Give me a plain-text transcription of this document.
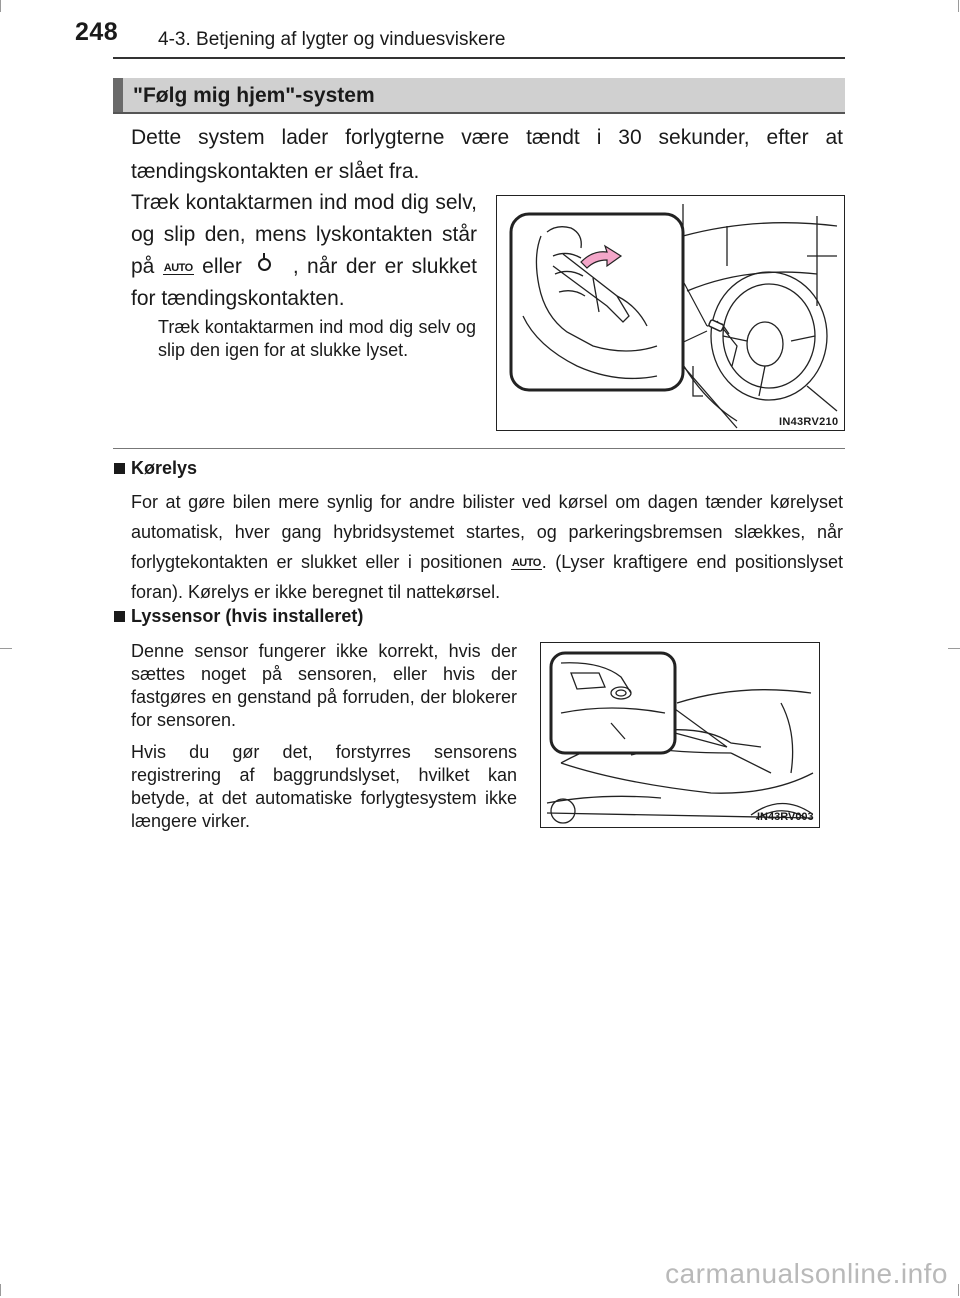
248 4-3. Betjening af lygter og vinduesviskere
"Følg mig hjem"-system
Dette system lader forlygterne være tændt i 30 sekunder, efter at tændingskontakten er slået fra.
Træk kontaktarmen ind mod dig selv, og slip den, mens lyskontakten står på AUTO eller , når der er slukket for tændingskontakten.
Træk kontaktarmen ind mod dig selv og slip den igen for at slukke lyset.
IN43RV210
Kørelys
For at gøre bilen mere synlig for andre bilister ved kørsel om dagen tænder kørelyset automatisk, hver gang hybridsystemet startes, og parkeringsbremsen slækkes, når forlygtekontakten er slukket eller i positionen AUTO. (Lyser kraftigere end positionslyset foran). Kørelys er ikke beregnet til nattekørsel.
Lyssensor (hvis installeret)
Denne sensor fungerer ikke korrekt, hvis der sættes noget på sensoren, eller hvis der fastgøres en genstand på forruden, der blokerer for sensoren.
Hvis du gør det, forstyrres sensorens registrering af baggrundslyset, hvilket kan betyde, at det automatiske forlygtesystem ikke længere virker.	IN43RV003
carmanualsonline.info
